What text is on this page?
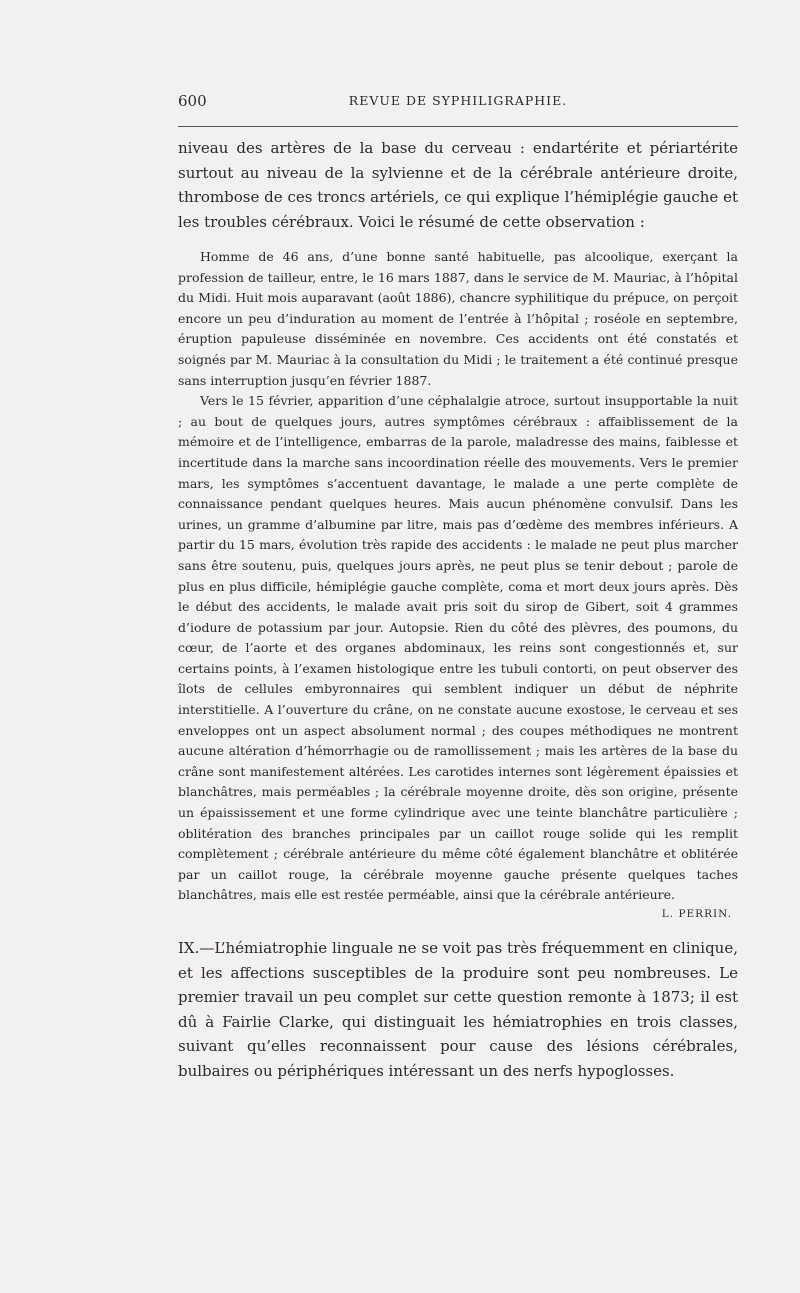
600	REVUE DE SYPHILIGRAPHIE.

niveau des artères de la base du cerveau : endartérite et périartérite surtout au niveau de la sylvienne et de la cérébrale antérieure droite, thrombose de ces troncs artériels, ce qui explique l’hémiplégie gauche et les troubles cérébraux. Voici le résumé de cette observation :

Homme de 46 ans, d’une bonne santé habituelle, pas alcoolique, exerçant la profession de tailleur, entre, le 16 mars 1887, dans le service de M. Mauriac, à l’hôpital du Midi. Huit mois auparavant (août 1886), chancre syphilitique du prépuce, on perçoit encore un peu d’induration au moment de l’entrée à l’hôpital ; roséole en septembre, éruption papuleuse disséminée en novembre. Ces accidents ont été constatés et soignés par M. Mauriac à la consultation du Midi ; le traitement a été continué presque sans interruption jusqu’en février 1887.

Vers le 15 février, apparition d’une céphalalgie atroce, surtout insupportable la nuit ; au bout de quelques jours, autres symptômes cérébraux : affaiblissement de la mémoire et de l’intelligence, embarras de la parole, maladresse des mains, faiblesse et incertitude dans la marche sans incoordination réelle des mouvements. Vers le premier mars, les symptômes s’accentuent davantage, le malade a une perte complète de connaissance pendant quelques heures. Mais aucun phénomène convulsif. Dans les urines, un gramme d’albumine par litre, mais pas d’œdème des membres inférieurs. A partir du 15 mars, évolution très rapide des accidents : le malade ne peut plus marcher sans être soutenu, puis, quelques jours après, ne peut plus se tenir debout ; parole de plus en plus difficile, hémiplégie gauche complète, coma et mort deux jours après. Dès le début des accidents, le malade avait pris soit du sirop de Gibert, soit 4 grammes d’iodure de potassium par jour. Autopsie. Rien du côté des plèvres, des poumons, du cœur, de l’aorte et des organes abdominaux, les reins sont congestionnés et, sur certains points, à l’examen histologique entre les tubuli contorti, on peut observer des îlots de cellules embyronnaires qui semblent indiquer un début de néphrite interstitielle. A l’ouverture du crâne, on ne constate aucune exostose, le cerveau et ses enveloppes ont un aspect absolument normal ; des coupes méthodiques ne montrent aucune altération d’hémorrhagie ou de ramollissement ; mais les artères de la base du crâne sont manifestement altérées. Les carotides internes sont légèrement épaissies et blanchâtres, mais perméables ; la cérébrale moyenne droite, dès son origine, présente un épaississement et une forme cylindrique avec une teinte blanchâtre particulière ; oblitération des branches principales par un caillot rouge solide qui les remplit complètement ; cérébrale antérieure du même côté également blanchâtre et oblitérée par un caillot rouge, la cérébrale moyenne gauche présente quelques taches blanchâtres, mais elle est restée perméable, ainsi que la cérébrale antérieure.

L. PERRIN.

IX.—L’hémiatrophie linguale ne se voit pas très fréquemment en clinique, et les affections susceptibles de la produire sont peu nombreuses. Le premier travail un peu complet sur cette question remonte à 1873; il est dû à Fairlie Clarke, qui distinguait les hémiatrophies en trois classes, suivant qu’elles reconnaissent pour cause des lésions cérébrales, bulbaires ou périphériques intéressant un des nerfs hypoglosses.
